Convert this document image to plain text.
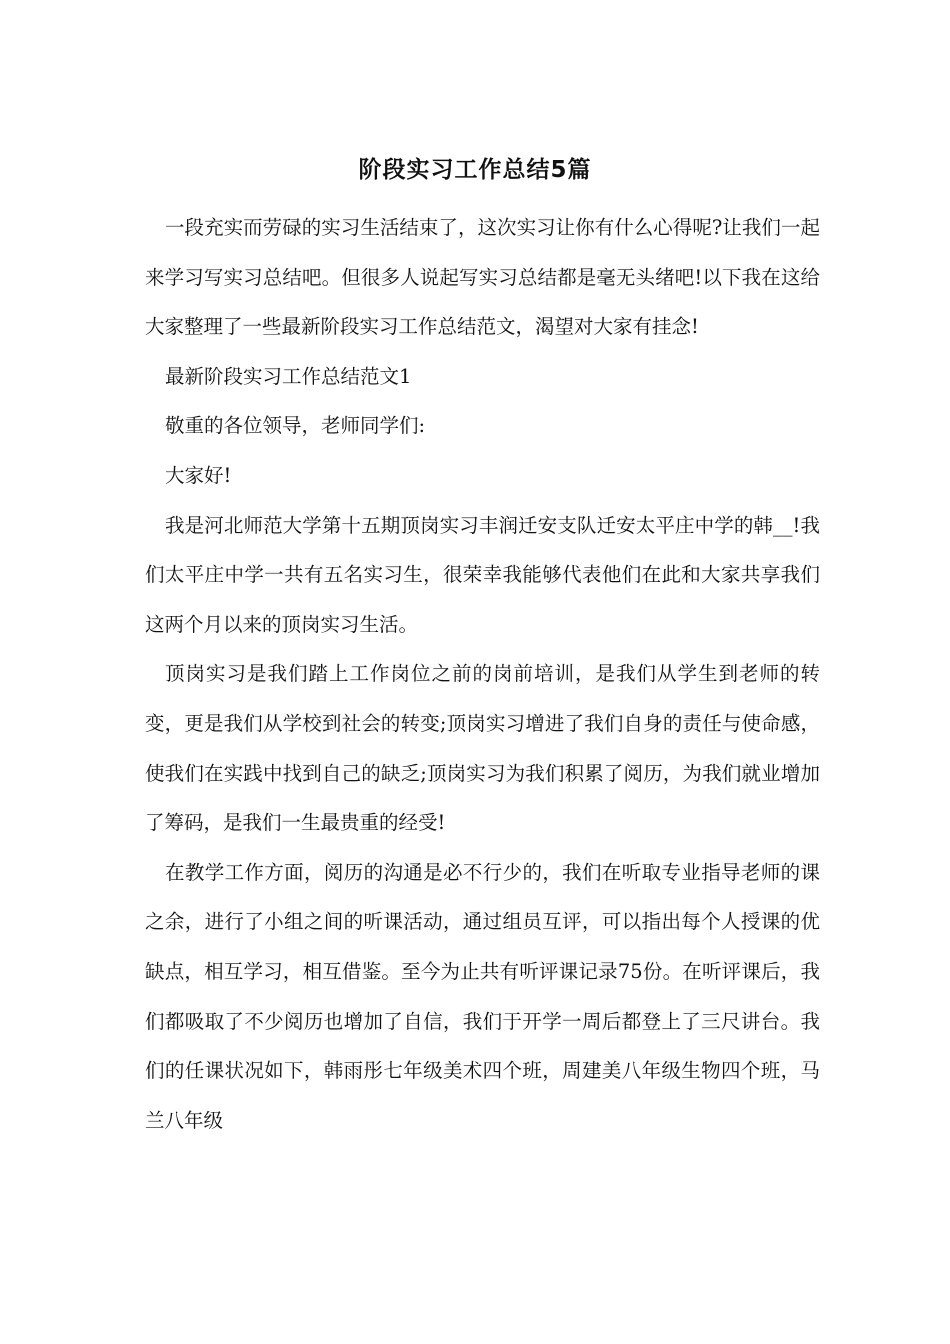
阶段实习工作总结5篇

一段充实而劳碌的实习生活结束了，这次实习让你有什么心得呢?让我们一起来学习写实习总结吧。但很多人说起写实习总结都是毫无头绪吧!以下我在这给大家整理了一些最新阶段实习工作总结范文，渴望对大家有挂念!

最新阶段实习工作总结范文1

敬重的各位领导，老师同学们:

大家好!

我是河北师范大学第十五期顶岗实习丰润迁安支队迁安太平庄中学的韩__!我们太平庄中学一共有五名实习生，很荣幸我能够代表他们在此和大家共享我们这两个月以来的顶岗实习生活。

顶岗实习是我们踏上工作岗位之前的岗前培训，是我们从学生到老师的转变，更是我们从学校到社会的转变;顶岗实习增进了我们自身的责任与使命感，使我们在实践中找到自己的缺乏;顶岗实习为我们积累了阅历，为我们就业增加了筹码，是我们一生最贵重的经受!

在教学工作方面，阅历的沟通是必不行少的，我们在听取专业指导老师的课之余，进行了小组之间的听课活动，通过组员互评，可以指出每个人授课的优缺点，相互学习，相互借鉴。至今为止共有听评课记录75份。在听评课后，我们都吸取了不少阅历也增加了自信，我们于开学一周后都登上了三尺讲台。我们的任课状况如下，韩雨彤七年级美术四个班，周建美八年级生物四个班，马兰八年级
